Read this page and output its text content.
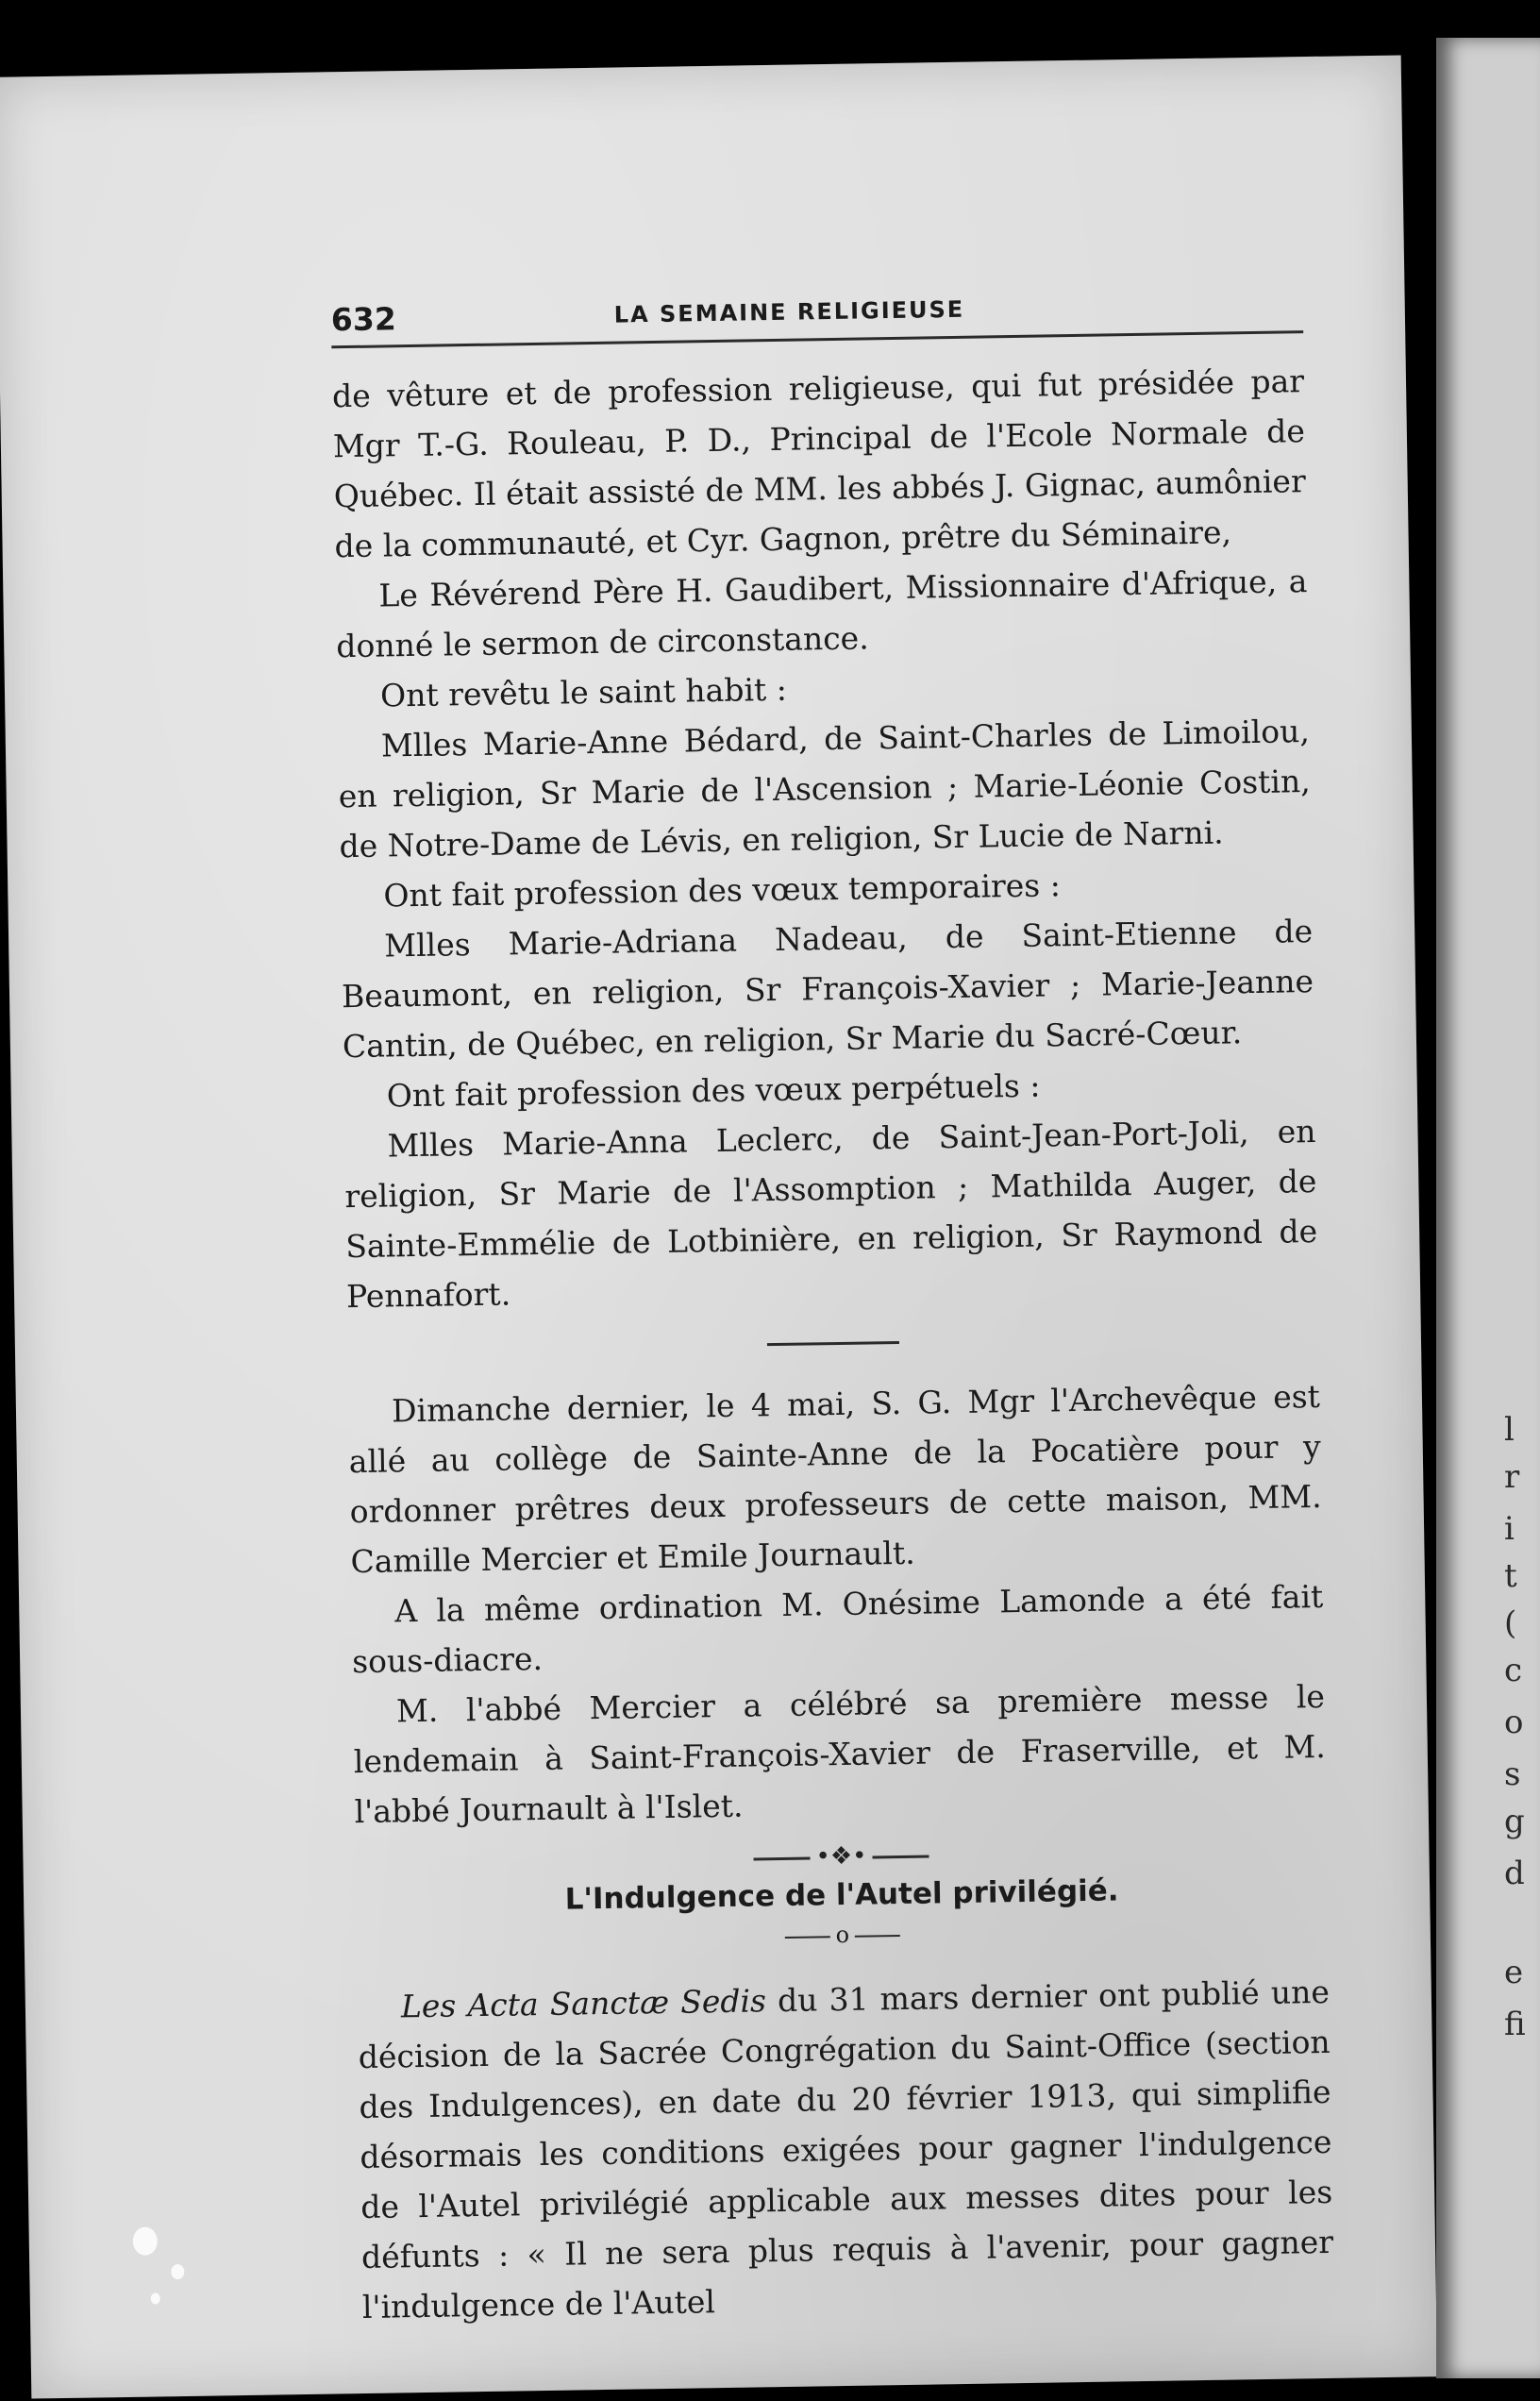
632	LA SEMAINE RELIGIEUSE

de vêture et de profession religieuse, qui fut présidée par Mgr T.-G. Rouleau, P. D., Principal de l'Ecole Normale de Québec. Il était assisté de MM. les abbés J. Gignac, aumônier de la communauté, et Cyr. Gagnon, prêtre du Séminaire,

Le Révérend Père H. Gaudibert, Missionnaire d'Afrique, a donné le sermon de circonstance.

Ont revêtu le saint habit :

Mlles Marie-Anne Bédard, de Saint-Charles de Limoilou, en religion, Sr Marie de l'Ascension ; Marie-Léonie Costin, de Notre-Dame de Lévis, en religion, Sr Lucie de Narni.

Ont fait profession des vœux temporaires :

Mlles Marie-Adriana Nadeau, de Saint-Etienne de Beaumont, en religion, Sr François-Xavier ; Marie-Jeanne Cantin, de Québec, en religion, Sr Marie du Sacré-Cœur.

Ont fait profession des vœux perpétuels :

Mlles Marie-Anna Leclerc, de Saint-Jean-Port-Joli, en religion, Sr Marie de l'Assomption ; Mathilda Auger, de Sainte-Emmélie de Lotbinière, en religion, Sr Raymond de Pennafort.

Dimanche dernier, le 4 mai, S. G. Mgr l'Archevêque est allé au collège de Sainte-Anne de la Pocatière pour y ordonner prêtres deux professeurs de cette maison, MM. Camille Mercier et Emile Journault.

A la même ordination M. Onésime Lamonde a été fait sous-diacre.

M. l'abbé Mercier a célébré sa première messe le lendemain à Saint-François-Xavier de Fraserville, et M. l'abbé Journault à l'Islet.

•❖•
L'Indulgence de l'Autel privilégié.
o

Les Acta Sanctæ Sedis du 31 mars dernier ont publié une décision de la Sacrée Congrégation du Saint-Office (section des Indulgences), en date du 20 février 1913, qui simplifie désormais les conditions exigées pour gagner l'indulgence de l'Autel privilégié applicable aux messes dites pour les défunts : « Il ne sera plus requis à l'avenir, pour gagner l'indulgence de l'Autel

l
r
i
t
(
c
o
s
g
d
e
fi
